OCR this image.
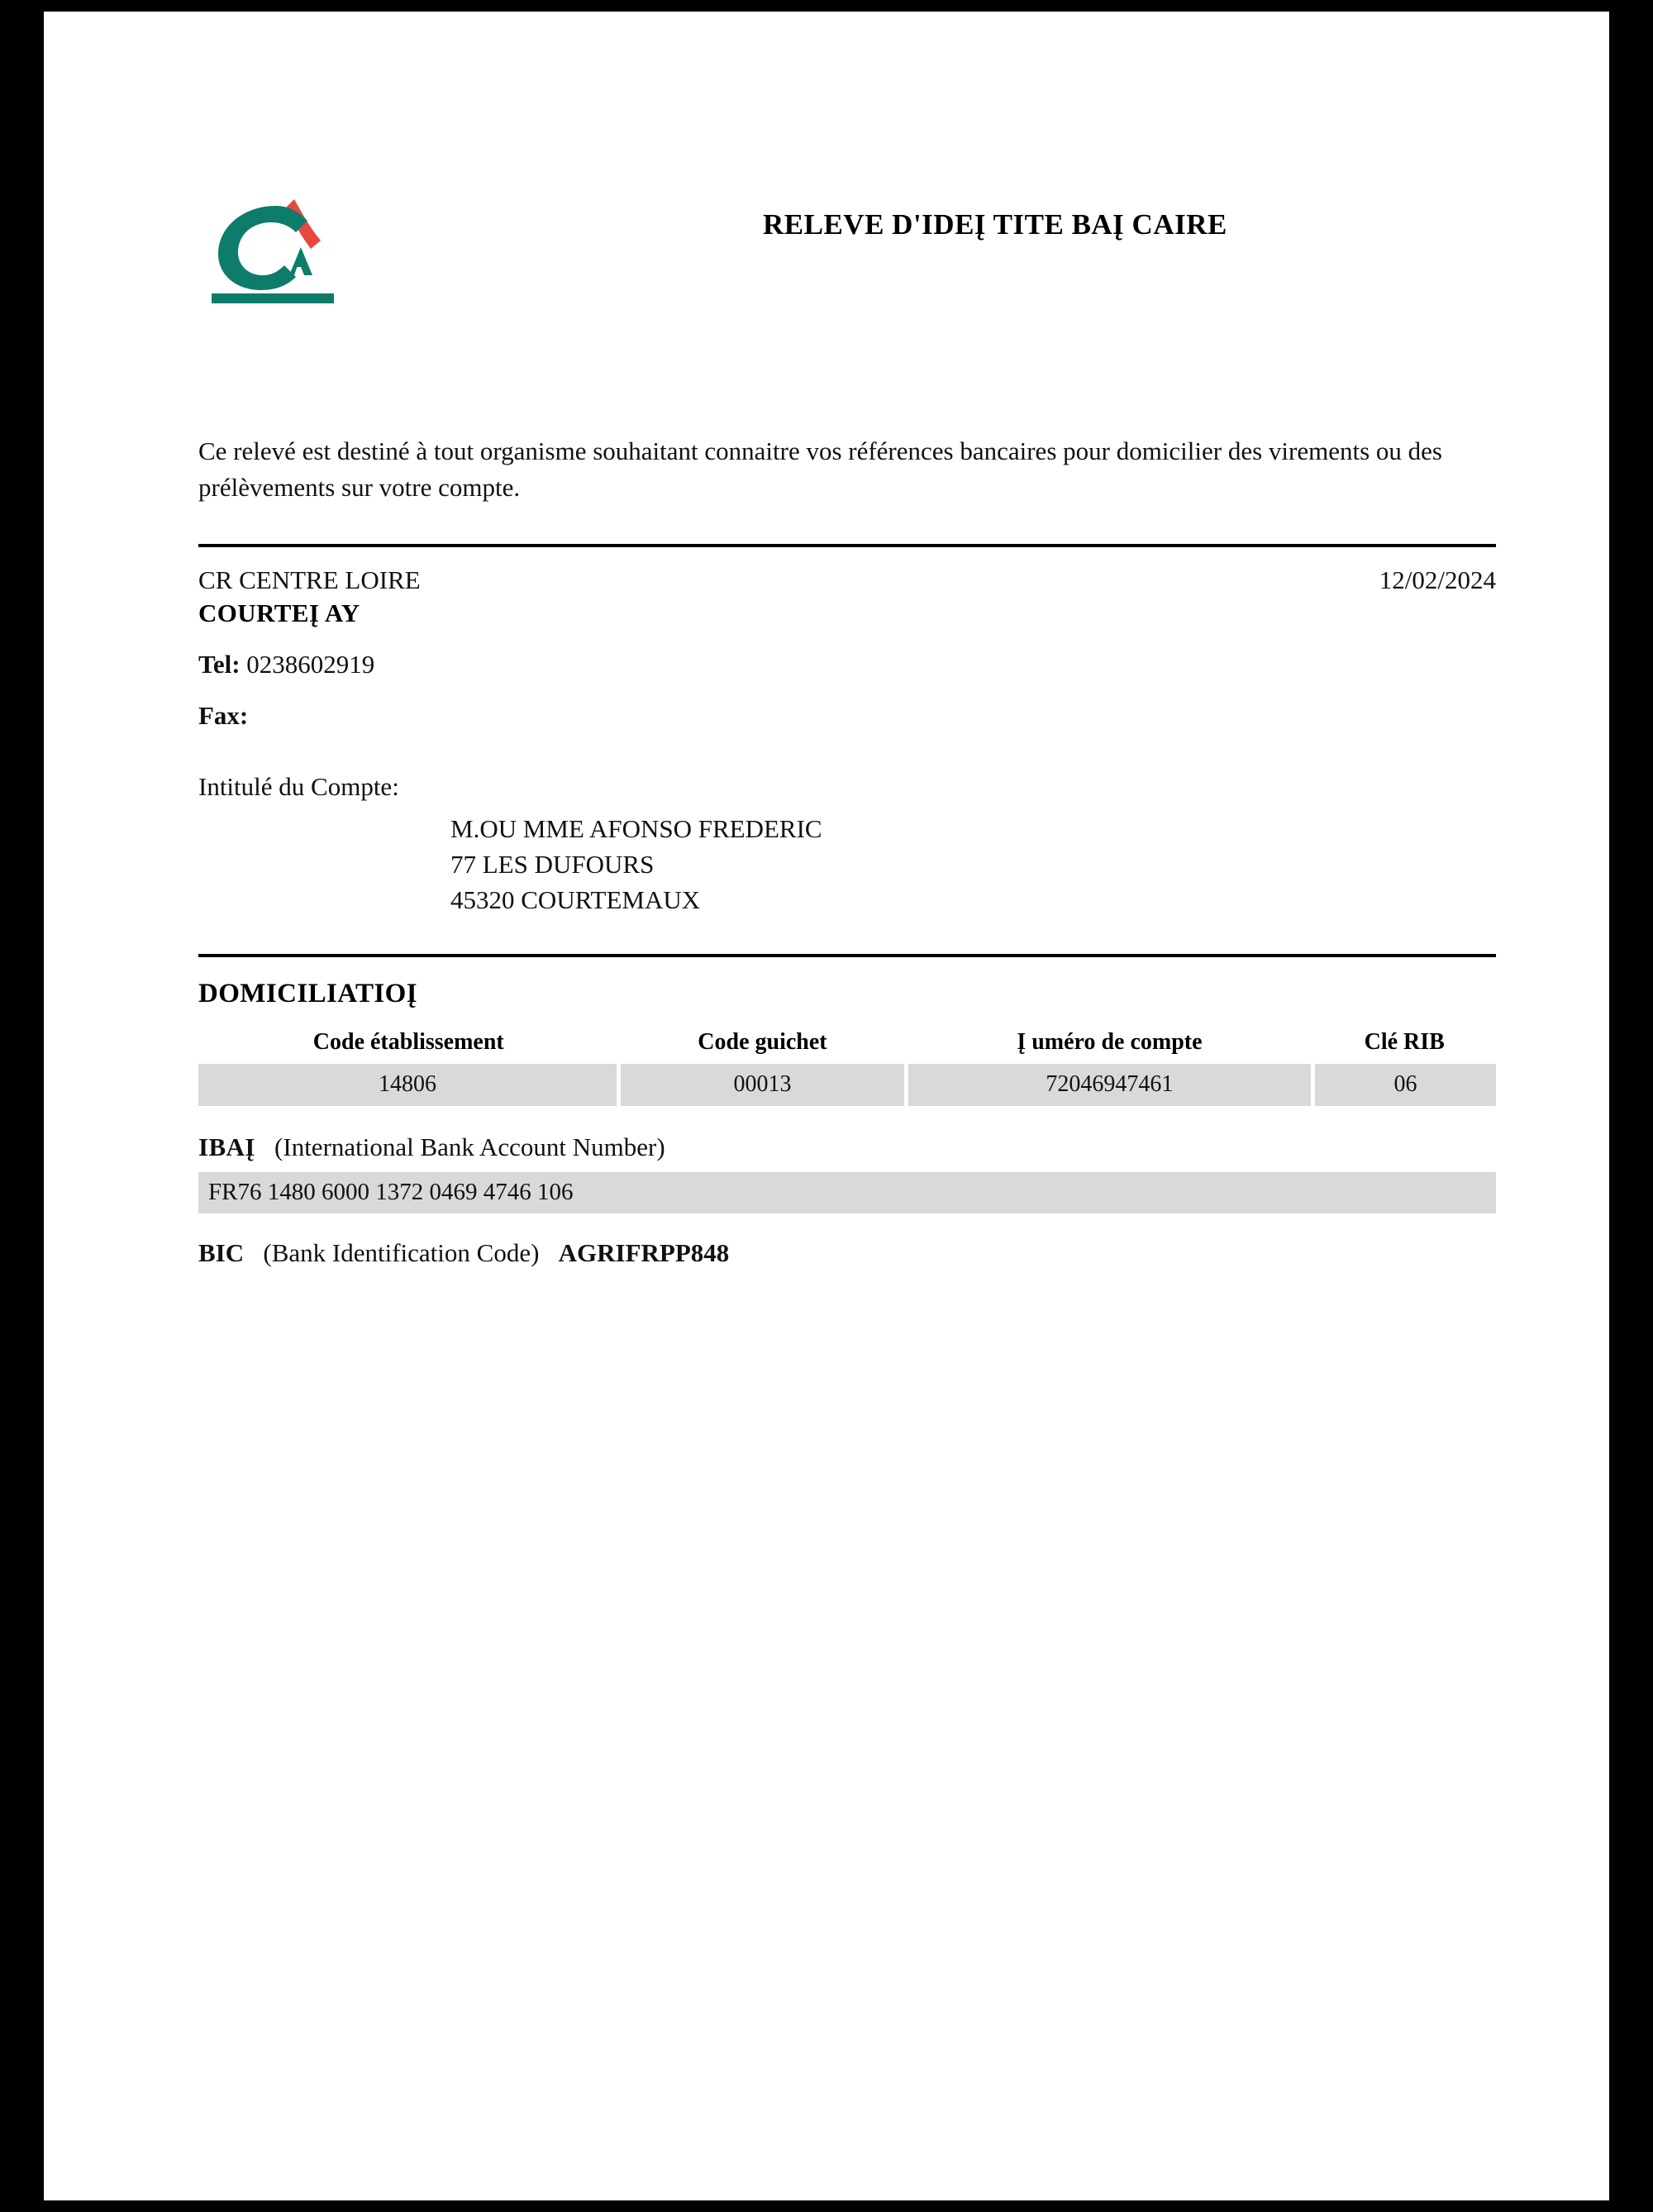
RELEVE D'IDEĮ TITE BAĮ CAIRE
Ce relevé est destiné à tout organisme souhaitant connaitre vos références bancaires pour domicilier des virements ou des prélèvements sur votre compte.
CR CENTRE LOIRE	12/02/2024
COURTEĮ AY
Tel: 0238602919
Fax:
Intitulé du Compte:
M.OU MME AFONSO FREDERIC
77 LES DUFOURS
45320 COURTEMAUX
DOMICILIATIOĮ
Code établissement	Code guichet	Į uméro de compte	Clé RIB
14806	00013	72046947461	06
IBAĮ (International Bank Account Number)
FR76 1480 6000 1372 0469 4746 106
BIC (Bank Identification Code) AGRIFRPP848
